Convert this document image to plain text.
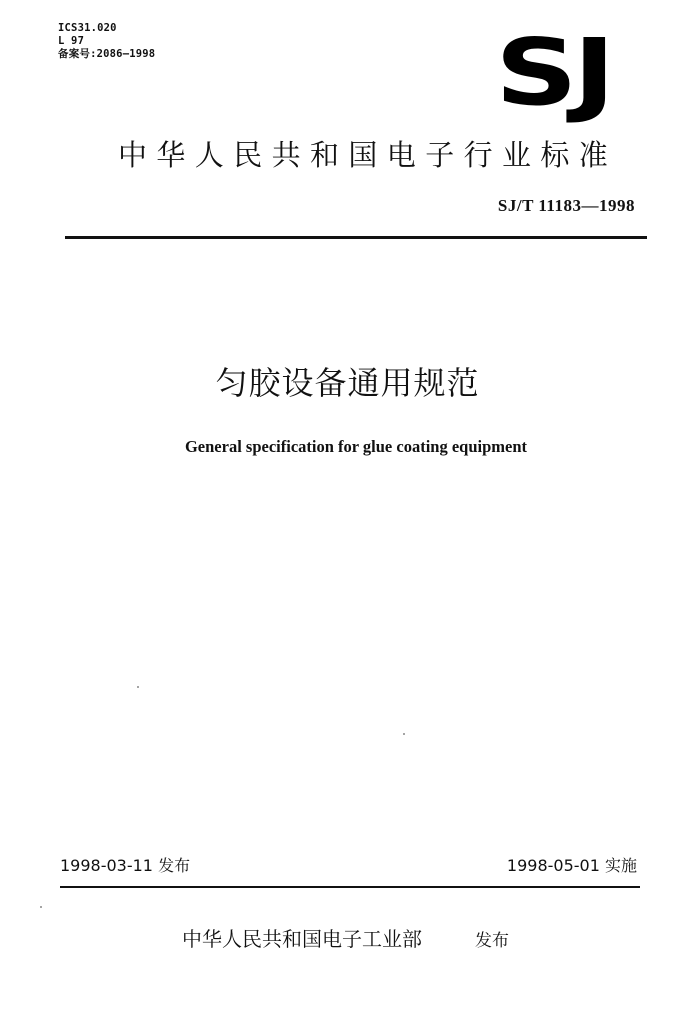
ICS31.020
L 97
备案号:2086—1998	SJ
中华人民共和国电子行业标准
SJ/T 11183—1998
匀胶设备通用规范
General specification for glue coating equipment
1998-03-11 发布	1998-05-01 实施
中华人民共和国电子工业部	发布
